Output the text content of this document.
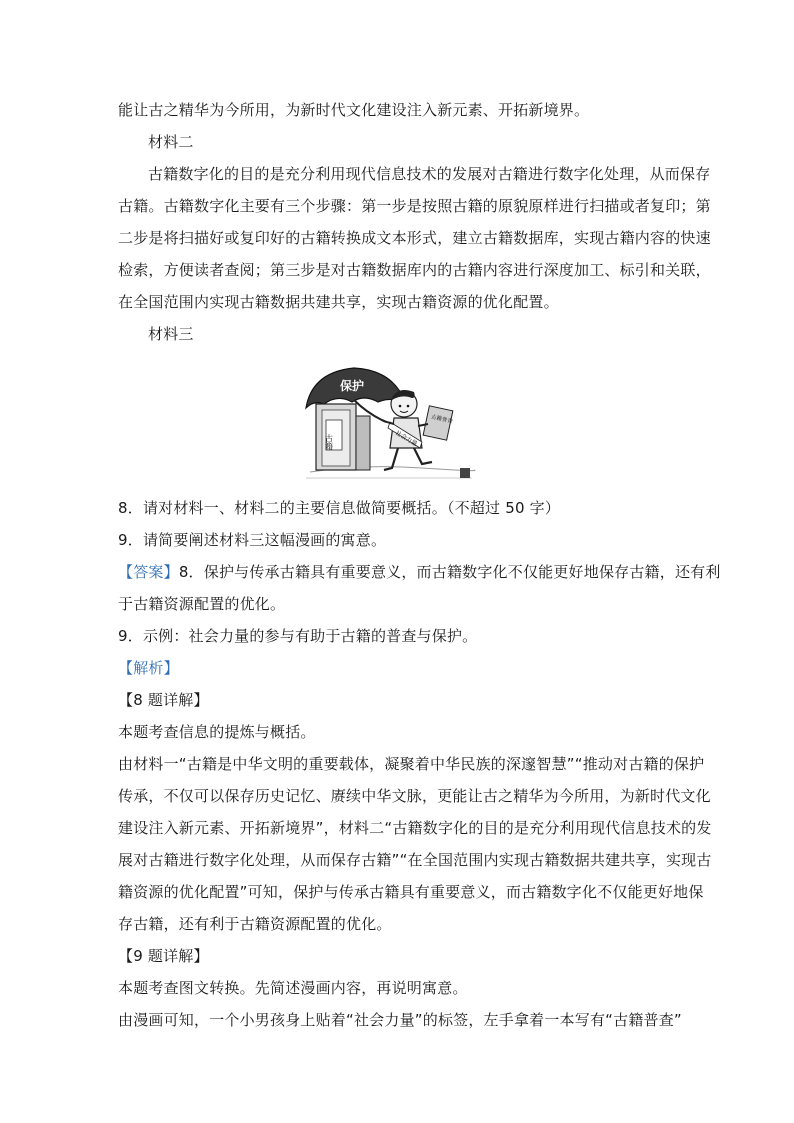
能让古之精华为今所用，为新时代文化建设注入新元素、开拓新境界。
材料二
古籍数字化的目的是充分利用现代信息技术的发展对古籍进行数字化处理，从而保存
古籍。古籍数字化主要有三个步骤：第一步是按照古籍的原貌原样进行扫描或者复印；第
二步是将扫描好或复印好的古籍转换成文本形式，建立古籍数据库，实现古籍内容的快速
检索，方便读者查阅；第三步是对古籍数据库内的古籍内容进行深度加工、标引和关联，
在全国范围内实现古籍数据共建共享，实现古籍资源的优化配置。
材料三
保护
古籍	社会力量
古籍普查
8．请对材料一、材料二的主要信息做简要概括。（不超过 50 字）
9．请简要阐述材料三这幅漫画的寓意。
【答案】8．保护与传承古籍具有重要意义，而古籍数字化不仅能更好地保存古籍，还有利
于古籍资源配置的优化。
9．示例：社会力量的参与有助于古籍的普查与保护。
【解析】
【8 题详解】
本题考查信息的提炼与概括。
由材料一“古籍是中华文明的重要载体，凝聚着中华民族的深邃智慧”“推动对古籍的保护
传承，不仅可以保存历史记忆、赓续中华文脉，更能让古之精华为今所用，为新时代文化
建设注入新元素、开拓新境界”，材料二“古籍数字化的目的是充分利用现代信息技术的发
展对古籍进行数字化处理，从而保存古籍”“在全国范围内实现古籍数据共建共享，实现古
籍资源的优化配置”可知，保护与传承古籍具有重要意义，而古籍数字化不仅能更好地保
存古籍，还有利于古籍资源配置的优化。
【9 题详解】
本题考查图文转换。先简述漫画内容，再说明寓意。
由漫画可知，一个小男孩身上贴着“社会力量”的标签，左手拿着一本写有“古籍普查”
